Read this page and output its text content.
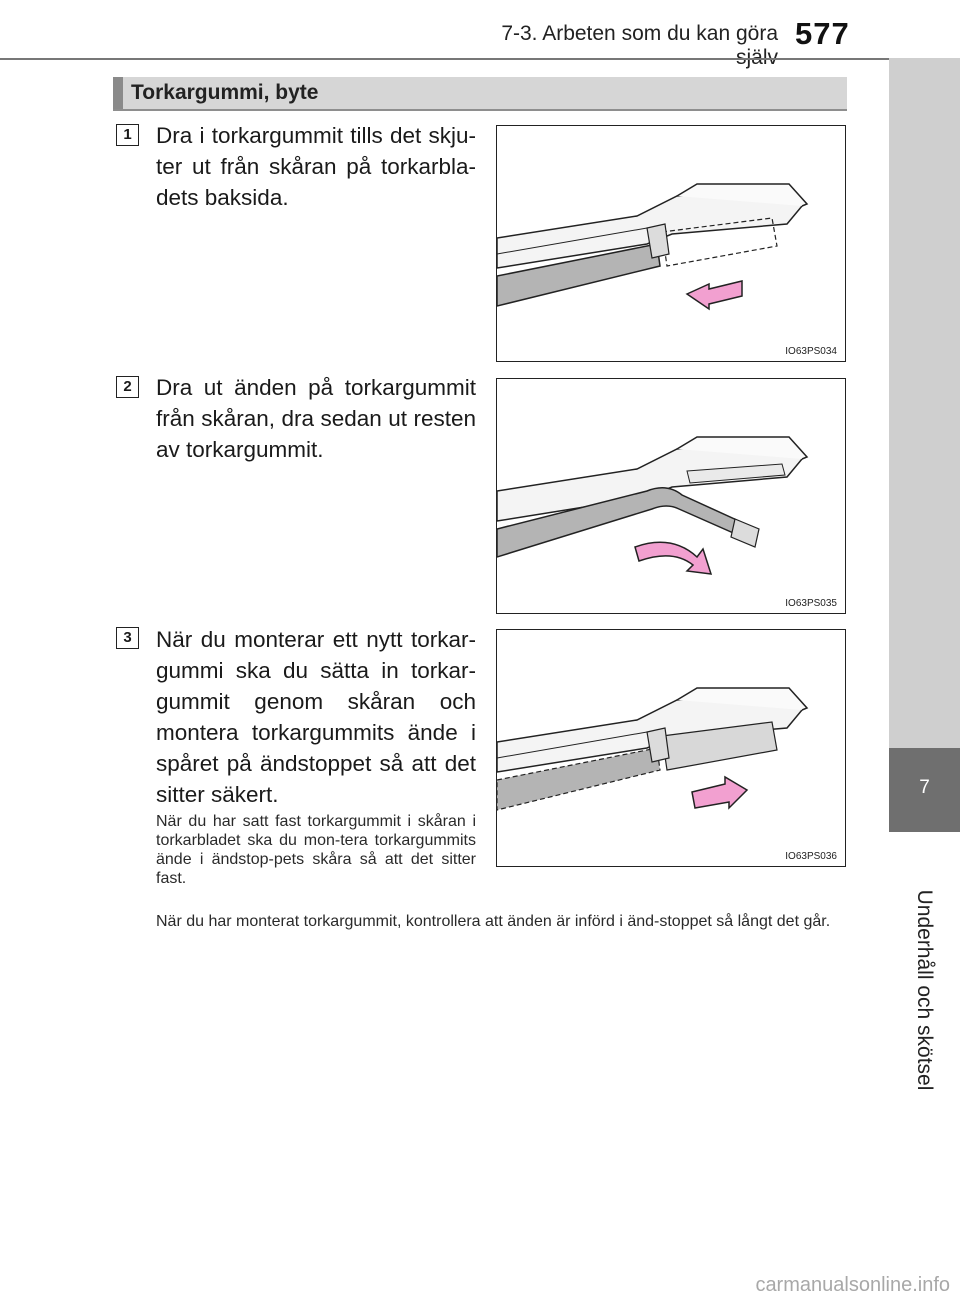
7-3. Arbeten som du kan göra själv
577
7
Underhåll och skötsel
Torkargummi, byte
1	Dra i torkargummit tills det skju-ter ut från skåran på torkarbla-dets baksida.
IO63PS034
2	Dra ut änden på torkargummit från skåran, dra sedan ut resten av torkargummit.
IO63PS035
3	När du monterar ett nytt torkar-gummi ska du sätta in torkar-gummit genom skåran och montera torkargummits ände i spåret på ändstoppet så att det sitter säkert.
När du har satt fast torkargummit i skåran i torkarbladet ska du mon-tera torkargummits ände i ändstop-pets skåra så att det sitter fast.
IO63PS036
När du har monterat torkargummit, kontrollera att änden är införd i änd-stoppet så långt det går.
carmanualsonline.info
